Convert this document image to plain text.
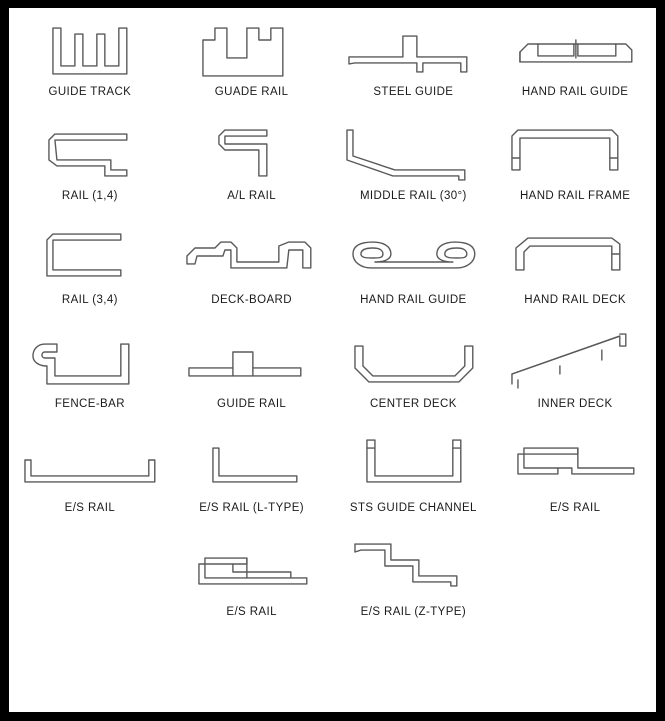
GUIDE TRACK	GUADE RAIL	STEEL GUIDE	HAND RAIL GUIDE
RAIL (1,4)	A/L RAIL	MIDDLE RAIL (30°)	HAND RAIL FRAME
RAIL (3,4)	DECK-BOARD	HAND RAIL GUIDE	HAND RAIL DECK
FENCE-BAR	GUIDE RAIL	CENTER DECK	INNER DECK
E/S RAIL	E/S RAIL (L-TYPE)	STS GUIDE CHANNEL	E/S RAIL
E/S RAIL	E/S RAIL (Z-TYPE)
